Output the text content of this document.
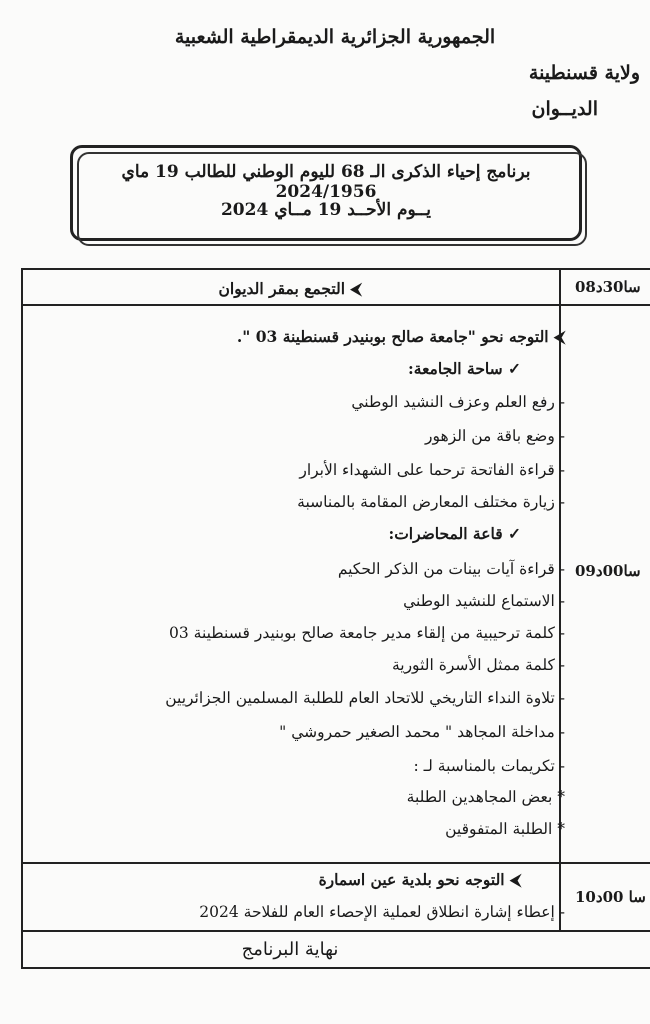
الجمهورية الجزائرية الديمقراطية الشعبية
ولاية قسنطينة
الديــوان
برنامج إحياء الذكرى الـ 68 لليوم الوطني للطالب 19 ماي 2024/1956
يــوم الأحــد 19 مــاي 2024
08سا30د
⮜ التجمع بمقر الديوان
09سا00د
⮜ التوجه نحو "جامعة صالح بوبنيدر قسنطينة 03 ".
✓ ساحة الجامعة:
- رفع العلم وعزف النشيد الوطني
- وضع باقة من الزهور
- قراءة الفاتحة ترحما على الشهداء الأبرار
- زيارة مختلف المعارض المقامة بالمناسبة
✓ قاعة المحاضرات:
- قراءة آيات بينات من الذكر الحكيم
- الاستماع للنشيد الوطني
- كلمة ترحيبية من إلقاء مدير جامعة صالح بوبنيدر قسنطينة 03
- كلمة ممثل الأسرة الثورية
- تلاوة النداء التاريخي للاتحاد العام للطلبة المسلمين الجزائريين
- مداخلة المجاهد " محمد الصغير حمروشي "
- تكريمات بالمناسبة لـ :
* بعض المجاهدين الطلبة
* الطلبة المتفوقين
10سا 00د
⮜ التوجه نحو بلدية عين اسمارة
- إعطاء إشارة انطلاق لعملية الإحصاء العام للفلاحة 2024
نهاية البرنامج
